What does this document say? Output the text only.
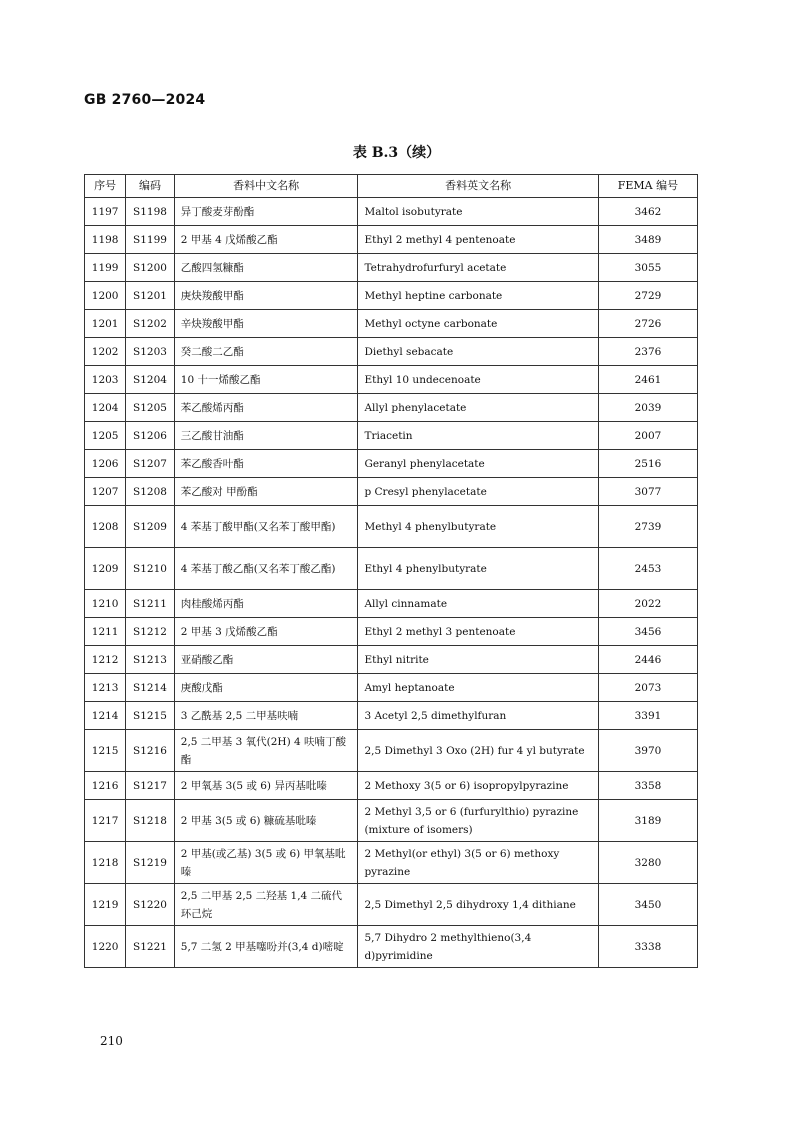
GB 2760—2024
表 B.3（续）
序号	编码	香料中文名称	香料英文名称	FEMA 编号
1197	S1198	异丁酸麦芽酚酯	Maltol isobutyrate	3462
1198	S1199	2 甲基 4 戊烯酸乙酯	Ethyl 2 methyl 4 pentenoate	3489
1199	S1200	乙酸四氢糠酯	Tetrahydrofurfuryl acetate	3055
1200	S1201	庚炔羧酸甲酯	Methyl heptine carbonate	2729
1201	S1202	辛炔羧酸甲酯	Methyl octyne carbonate	2726
1202	S1203	癸二酸二乙酯	Diethyl sebacate	2376
1203	S1204	10 十一烯酸乙酯	Ethyl 10 undecenoate	2461
1204	S1205	苯乙酸烯丙酯	Allyl phenylacetate	2039
1205	S1206	三乙酸甘油酯	Triacetin	2007
1206	S1207	苯乙酸香叶酯	Geranyl phenylacetate	2516
1207	S1208	苯乙酸对 甲酚酯	p Cresyl phenylacetate	3077
1208	S1209	4 苯基丁酸甲酯(又名苯丁酸甲酯)	Methyl 4 phenylbutyrate	2739
1209	S1210	4 苯基丁酸乙酯(又名苯丁酸乙酯)	Ethyl 4 phenylbutyrate	2453
1210	S1211	肉桂酸烯丙酯	Allyl cinnamate	2022
1211	S1212	2 甲基 3 戊烯酸乙酯	Ethyl 2 methyl 3 pentenoate	3456
1212	S1213	亚硝酸乙酯	Ethyl nitrite	2446
1213	S1214	庚酸戊酯	Amyl heptanoate	2073
1214	S1215	3 乙酰基 2,5 二甲基呋喃	3 Acetyl 2,5 dimethylfuran	3391
1215	S1216	2,5 二甲基 3 氧代(2H) 4 呋喃丁酸酯	2,5 Dimethyl 3 Oxo (2H) fur 4 yl butyrate	3970
1216	S1217	2 甲氧基 3(5 或 6) 异丙基吡嗪	2 Methoxy 3(5 or 6) isopropylpyrazine	3358
1217	S1218	2 甲基 3(5 或 6) 糠硫基吡嗪	2 Methyl 3,5 or 6 (furfurylthio) pyrazine (mixture of isomers)	3189
1218	S1219	2 甲基(或乙基) 3(5 或 6) 甲氧基吡嗪	2 Methyl(or ethyl) 3(5 or 6) methoxy pyrazine	3280
1219	S1220	2,5 二甲基 2,5 二羟基 1,4 二硫代环己烷	2,5 Dimethyl 2,5 dihydroxy 1,4 dithiane	3450
1220	S1221	5,7 二氢 2 甲基噻吩并(3,4 d)嘧啶	5,7 Dihydro 2 methylthieno(3,4 d)pyrimidine	3338
210
